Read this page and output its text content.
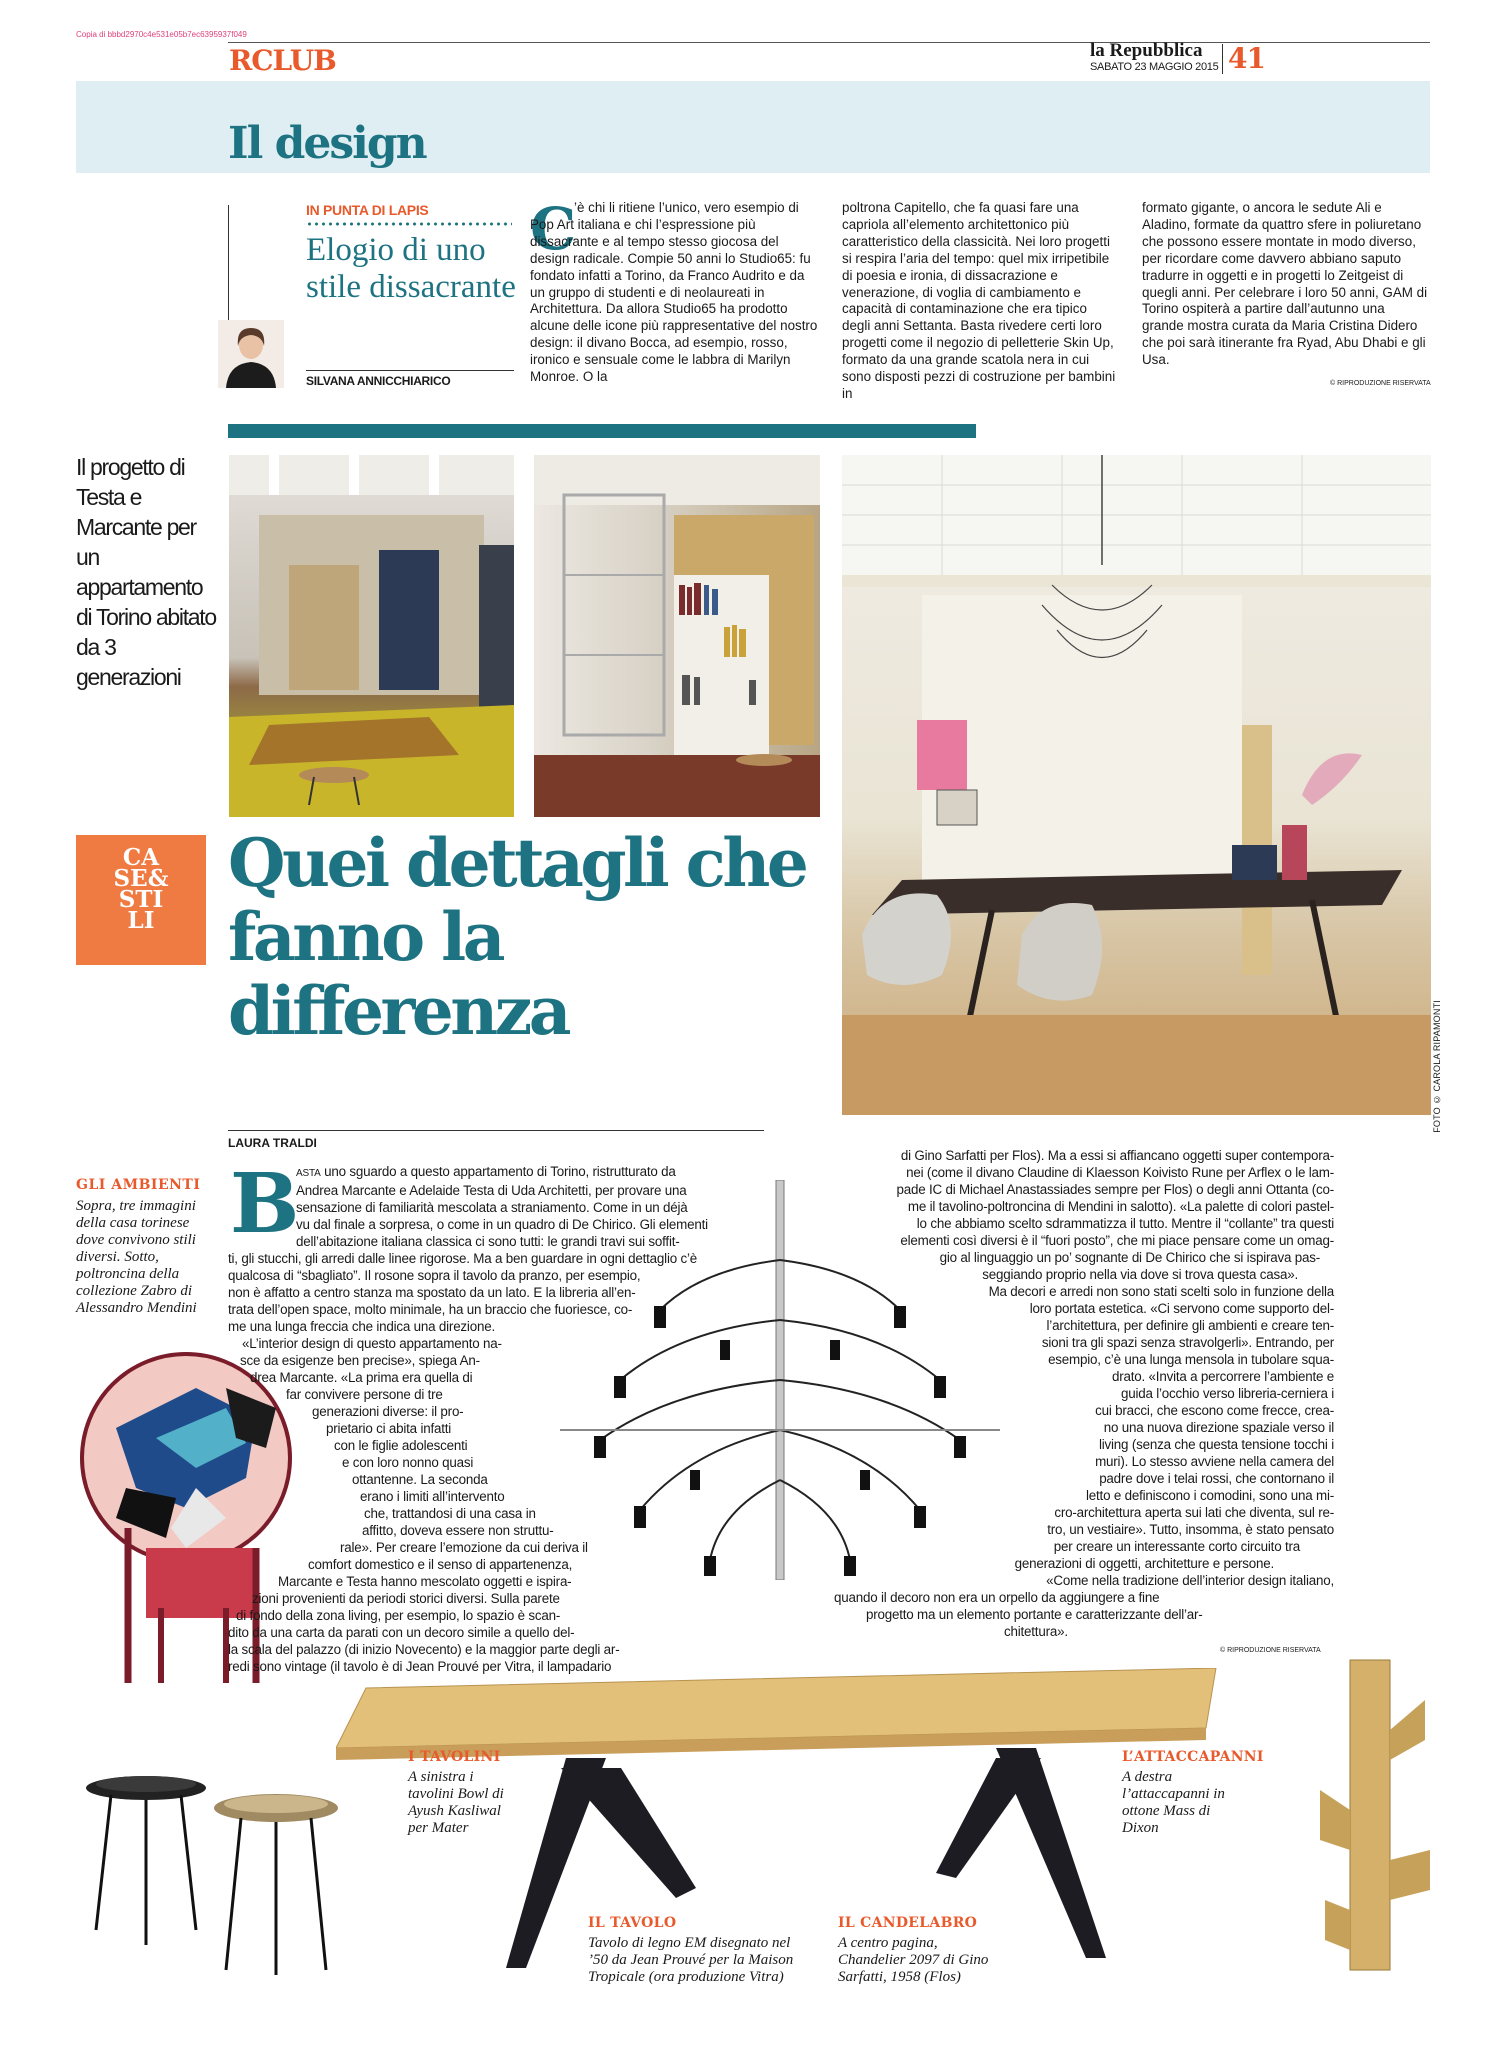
Copia di bbbd2970c4e531e05b7ec6395937f049
RCLUB	la Repubblica
SABATO 23 MAGGIO 2015 41
Il design
IN PUNTA DI LAPIS
Elogio di uno stile dissacrante
SILVANA ANNICCHIARICO
C

’è chi li ritiene l’unico, vero esempio di Pop Art italiana e chi l’espressione più dissacrante e al tempo stesso giocosa del design radicale. Compie 50 anni lo Studio65: fu fondato infatti a Torino, da Franco Audrito e da un gruppo di studenti e di neolaureati in Architettura. Da allora Studio65 ha prodotto alcune delle icone più rappresentative del nostro design: il divano Bocca, ad esempio, rosso, ironico e sensuale come le labbra di Marilyn Monroe. O la

poltrona Capitello, che fa quasi fare una capriola all’elemento architettonico più caratteristico della classicità. Nei loro progetti si respira l’aria del tempo: quel mix irripetibile di poesia e ironia, di dissacrazione e venerazione, di voglia di cambiamento e capacità di contaminazione che era tipico degli anni Settanta. Basta rivedere certi loro progetti come il negozio di pelletterie Skin Up, formato da una grande scatola nera in cui sono disposti pezzi di costruzione per bambini in

formato gigante, o ancora le sedute Ali e Aladino, formate da quattro sfere in poliuretano che possono essere montate in modo diverso, per ricordare come davvero abbiano saputo tradurre in oggetti e in progetti lo Zeitgeist di quegli anni. Per celebrare i loro 50 anni, GAM di Torino ospiterà a partire dall’autunno una grande mostra curata da Maria Cristina Didero che poi sarà itinerante fra Ryad, Abu Dhabi e gli Usa.

© RIPRODUZIONE RISERVATA
Il progetto di Testa e Marcante per un appartamento di Torino abitato da 3 generazioni
FOTO © CAROLA RIPAMONTI
CA
SE&
STI
LI
Quei dettagli che fanno la differenza
LAURA TRALDI
GLI AMBIENTI
Sopra, tre immagini della casa torinese dove convivono stili diversi. Sotto, poltroncina della collezione Zabro di Alessandro Mendini
B
ASTA uno sguardo a questo appartamento di Torino, ristrutturato da
Andrea Marcante e Adelaide Testa di Uda Architetti, per provare una
sensazione di familiarità mescolata a straniamento. Come in un déjà
vu dal finale a sorpresa, o come in un quadro di De Chirico. Gli elementi
dell’abitazione italiana classica ci sono tutti: le grandi travi sui soffit-
ti, gli stucchi, gli arredi dalle linee rigorose. Ma a ben guardare in ogni dettaglio c’è
qualcosa di “sbagliato”. Il rosone sopra il tavolo da pranzo, per esempio,
non è affatto a centro stanza ma spostato da un lato. E la libreria all’en-
trata dell’open space, molto minimale, ha un braccio che fuoriesce, co-
me una lunga freccia che indica una direzione.
«L’interior design di questo appartamento na-
sce da esigenze ben precise», spiega An-
drea Marcante. «La prima era quella di
far convivere persone di tre
generazioni diverse: il pro-
prietario ci abita infatti
con le figlie adolescenti
e con loro nonno quasi
ottantenne. La seconda
erano i limiti all’intervento
che, trattandosi di una casa in
affitto, doveva essere non struttu-
rale». Per creare l’emozione da cui deriva il
comfort domestico e il senso di appartenenza,
Marcante e Testa hanno mescolato oggetti e ispira-
zioni provenienti da periodi storici diversi. Sulla parete
di fondo della zona living, per esempio, lo spazio è scan-
dito da una carta da parati con un decoro simile a quello del-
la scala del palazzo (di inizio Novecento) e la maggior parte degli ar-
redi sono vintage (il tavolo è di Jean Prouvé per Vitra, il lampadario
di Gino Sarfatti per Flos). Ma a essi si affiancano oggetti super contempora-
nei (come il divano Claudine di Klaesson Koivisto Rune per Arflex o le lam-
pade IC di Michael Anastassiades sempre per Flos) o degli anni Ottanta (co-
me il tavolino-poltroncina di Mendini in salotto). «La palette di colori pastel-
lo che abbiamo scelto sdrammatizza il tutto. Mentre il “collante” tra questi
elementi così diversi è il “fuori posto”, che mi piace pensare come un omag-
gio al linguaggio un po’ sognante di De Chirico che si ispirava pas-
seggiando proprio nella via dove si trova questa casa».
Ma decori e arredi non sono stati scelti solo in funzione della
loro portata estetica. «Ci servono come supporto del-
l’architettura, per definire gli ambienti e creare ten-
sioni tra gli spazi senza stravolgerli». Entrando, per
esempio, c’è una lunga mensola in tubolare squa-
drato. «Invita a percorrere l’ambiente e
guida l’occhio verso libreria-cerniera i
cui bracci, che escono come frecce, crea-
no una nuova direzione spaziale verso il
living (senza che questa tensione tocchi i
muri). Lo stesso avviene nella camera del
padre dove i telai rossi, che contornano il
letto e definiscono i comodini, sono una mi-
cro-architettura aperta sui lati che diventa, sul re-
tro, un vestiaire». Tutto, insomma, è stato pensato
per creare un interessante corto circuito tra
generazioni di oggetti, architetture e persone.
«Come nella tradizione dell’interior design italiano,
quando il decoro non era un orpello da aggiungere a fine
progetto ma un elemento portante e caratterizzante dell’ar-
chitettura».
© RIPRODUZIONE RISERVATA
I TAVOLINI
A sinistra i tavolini Bowl di Ayush Kasliwal per Mater
IL TAVOLO
Tavolo di legno EM disegnato nel ’50 da Jean Prouvé per la Maison Tropicale (ora produzione Vitra)
IL CANDELABRO
A centro pagina, Chandelier 2097 di Gino Sarfatti, 1958 (Flos)
L’ATTACCAPANNI
A destra l’attaccapanni in ottone Mass di Dixon
